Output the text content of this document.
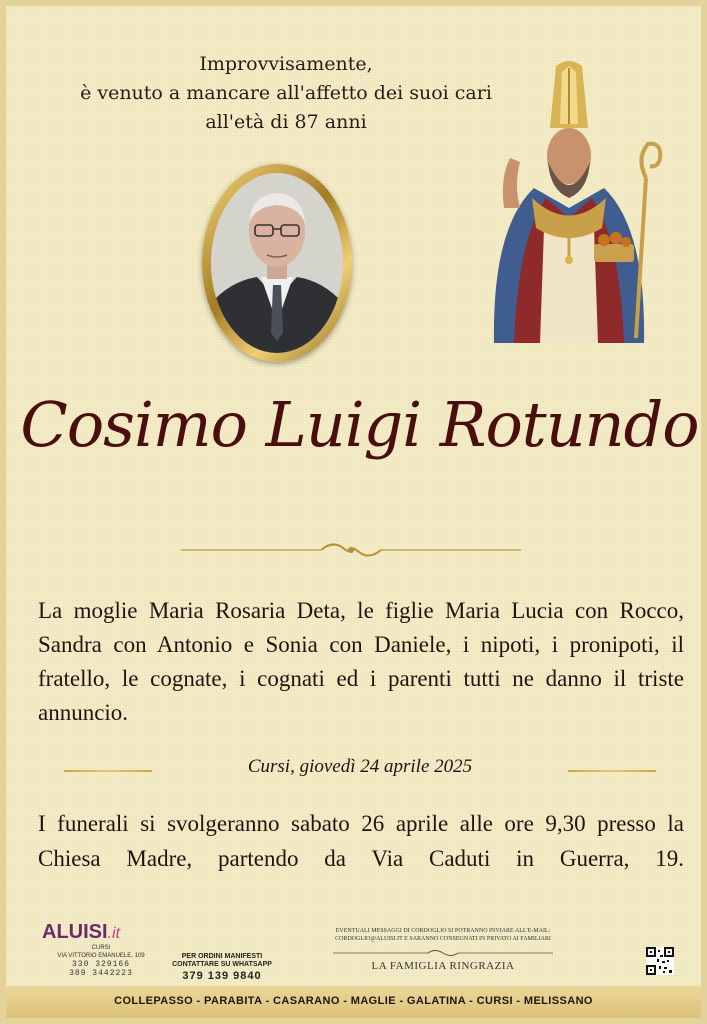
Improvvisamente,
è venuto a mancare all'affetto dei suoi cari
all'età di 87 anni
Cosimo Luigi Rotundo
La moglie Maria Rosaria Deta, le figlie Maria Lucia con Rocco, Sandra con Antonio e Sonia con Daniele, i nipoti, i pronipoti, il fratello, le cognate, i cognati ed i parenti tutti ne danno il triste annuncio.
Cursi, giovedì 24 aprile 2025
I funerali si svolgeranno sabato 26 aprile alle ore 9,30 presso la Chiesa Madre, partendo da Via Caduti in Guerra, 19.
ALUISI.it
CURSI
VIA VITTORIO EMANUELE, 109
330 329166
389 3442223
PER ORDINI MANIFESTI
CONTATTARE SU WHATSAPP
379 139 9840
EVENTUALI MESSAGGI DI CORDOGLIO SI POTRANNO INVIARE ALL'E-MAIL:
CORDOGLIO@ALUISI.IT E SARANNO CONSEGNATI IN PRIVATO AI FAMILIARI
LA FAMIGLIA RINGRAZIA
COLLEPASSO - PARABITA - CASARANO - MAGLIE - GALATINA - CURSI - MELISSANO
